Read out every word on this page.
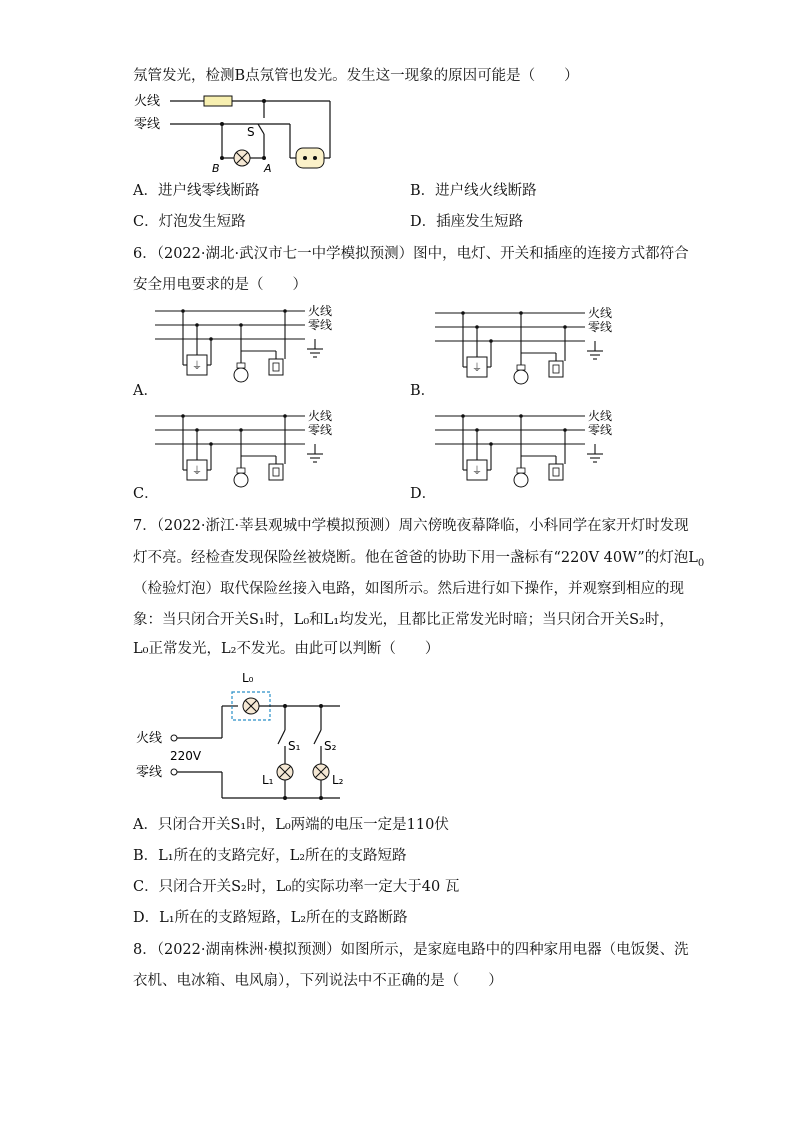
氖管发光，检测B点氖管也发光。发生这一现象的原因可能是（　　）
火线
零线	S
B	A
A．进户线零线断路	B．进户线火线断路
C．灯泡发生短路	D．插座发生短路
6．（2022·湖北·武汉市七一中学模拟预测）图中，电灯、开关和插座的连接方式都符合
安全用电要求的是（　　）
火线
零线
⏚
火线
零线
⏚
火线
零线
⏚
火线
零线
⏚
A．	B．
C．	D．
7．（2022·浙江·莘县观城中学模拟预测）周六傍晚夜幕降临，小科同学在家开灯时发现
灯不亮。经检查发现保险丝被烧断。他在爸爸的协助下用一盏标有“220V 40W”的灯泡$L_0$
（检验灯泡）取代保险丝接入电路，如图所示。然后进行如下操作，并观察到相应的现
象：当只闭合开关S₁时，L₀和L₁均发光，且都比正常发光时暗；当只闭合开关S₂时，
L₀正常发光，L₂不发光。由此可以判断（　　）
L₀
火线
零线
220V
S₁
L₁
S₂
L₂
A．只闭合开关S₁时，L₀两端的电压一定是110伏
B．L₁所在的支路完好，L₂所在的支路短路
C．只闭合开关S₂时，L₀的实际功率一定大于40 瓦
D．L₁所在的支路短路，L₂所在的支路断路
8．（2022·湖南株洲·模拟预测）如图所示，是家庭电路中的四种家用电器（电饭煲、洗
衣机、电冰箱、电风扇），下列说法中不正确的是（　　）
